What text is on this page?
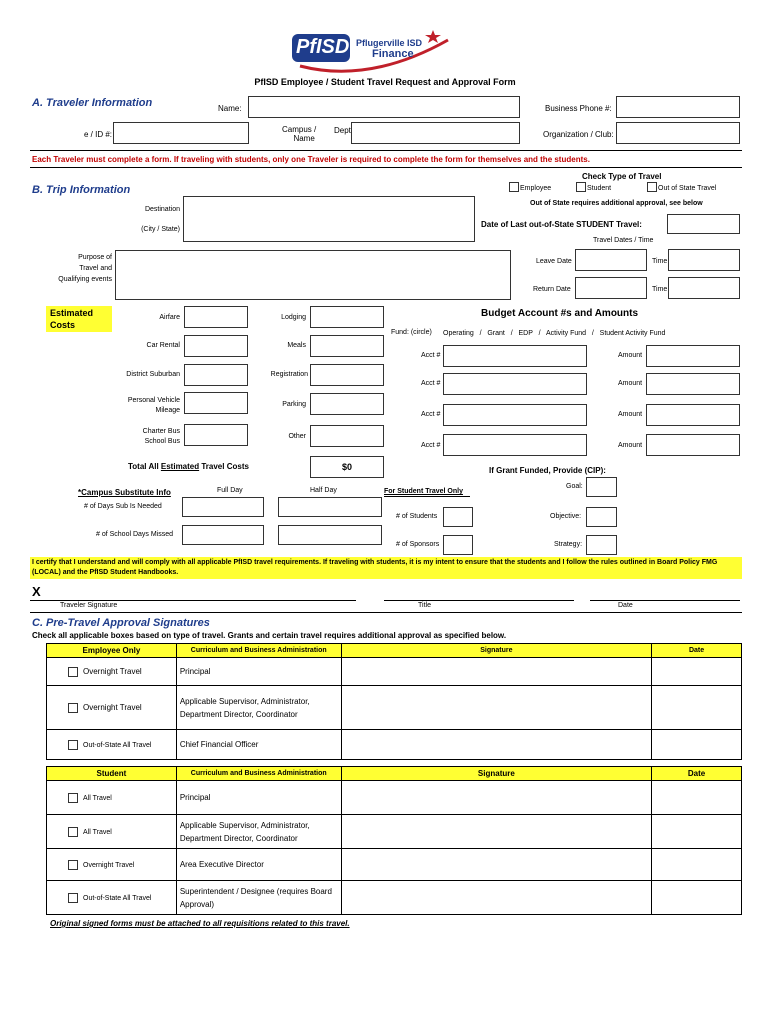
PfISD Pflugerville ISD
Finance
PfISD Employee / Student Travel Request and Approval Form
A. Traveler Information	Name:	Business Phone #:
e / ID #:
Campus /
Name
Dept	Organization / Club:
Each Traveler must complete a form. If traveling with students, only one Traveler is required to complete the form for themselves and the students.
Check Type of Travel
B. Trip Information	Employee	Student	Out of State Travel
Out of State requires additional approval, see below
Destination
(City / State)
Date of Last out-of-State STUDENT Travel:
Travel Dates / Time
Purpose of
Travel and
Qualifying events
Leave Date	Time
Return Date	Time
Estimated
Costs
Airfare
Car Rental
District Suburban
Personal Vehicle
Mileage
Charter Bus
School Bus
Lodging
Meals
Registration
Parking
Other
Total All Estimated Travel Costs	$0
Budget Account #s and Amounts
Fund: (circle) Operating   /   Grant   /   EDP   /   Activity Fund   /   Student Activity Fund
Acct #	Amount
Acct #	Amount
Acct #	Amount
Acct #	Amount
If Grant Funded, Provide (CIP):
Goal:
Objective:
Strategy:
*Campus Substitute Info	Full Day	Half Day	For Student Travel Only
# of Days Sub Is Needed
# of Students
# of School Days Missed
# of Sponsors
I certify that I understand and will comply with all applicable PfISD travel requirements. If traveling with students, it is my intent to ensure that the students and I follow the rules outlined in Board Policy FMG (LOCAL) and the PfISD Student Handbooks.
X
Traveler Signature	Title	Date
C. Pre-Travel Approval Signatures
Check all applicable boxes based on type of travel. Grants and certain travel requires additional approval as specified below.
Employee Only	Curriculum and Business Administration	Signature	Date
Overnight Travel	Principal		
Overnight Travel	Applicable Supervisor, Administrator, Department Director, Coordinator		
Out-of-State All Travel	Chief Financial Officer		
Student	Curriculum and Business Administration	Signature	Date
All Travel	Principal		
All Travel	Applicable Supervisor, Administrator, Department Director, Coordinator		
Overnight Travel	Area Executive Director		
Out-of-State All Travel	Superintendent / Designee (requires Board Approval)		
Original signed forms must be attached to all requisitions related to this travel.
